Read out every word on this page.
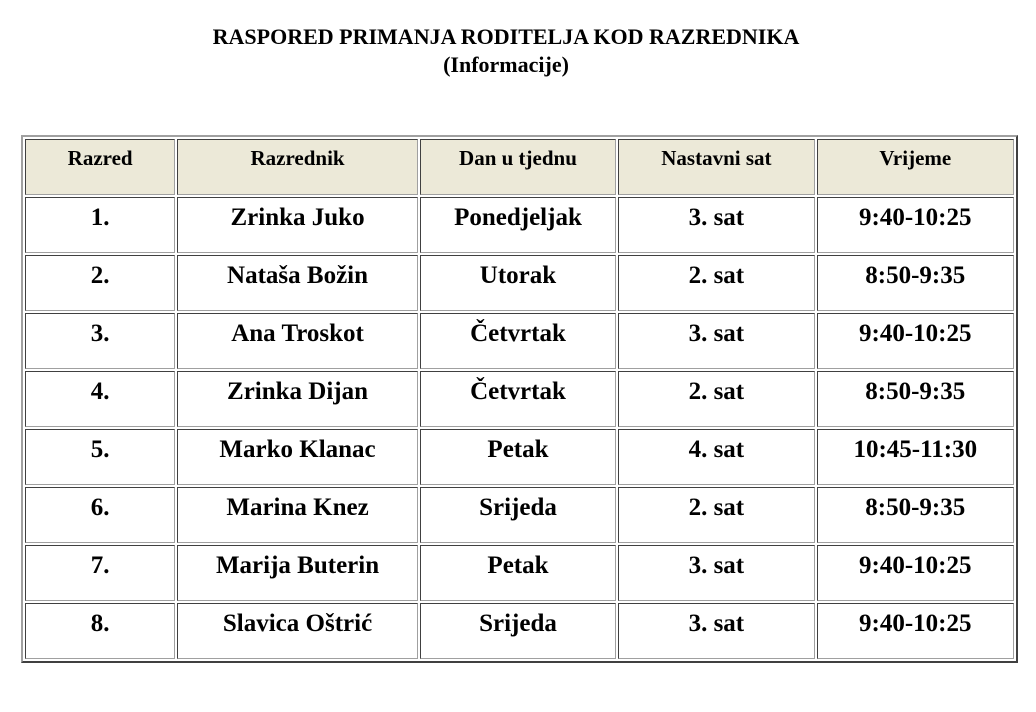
RASPORED PRIMANJA RODITELJA KOD RAZREDNIKA
(Informacije)
Razred	Razrednik	Dan u tjednu	Nastavni sat	Vrijeme
1.	Zrinka Juko	Ponedjeljak	3. sat	9:40-10:25
2.	Nataša Božin	Utorak	2. sat	8:50-9:35
3.	Ana Troskot	Četvrtak	3. sat	9:40-10:25
4.	Zrinka Dijan	Četvrtak	2. sat	8:50-9:35
5.	Marko Klanac	Petak	4. sat	10:45-11:30
6.	Marina Knez	Srijeda	2. sat	8:50-9:35
7.	Marija Buterin	Petak	3. sat	9:40-10:25
8.	Slavica Oštrić	Srijeda	3. sat	9:40-10:25
